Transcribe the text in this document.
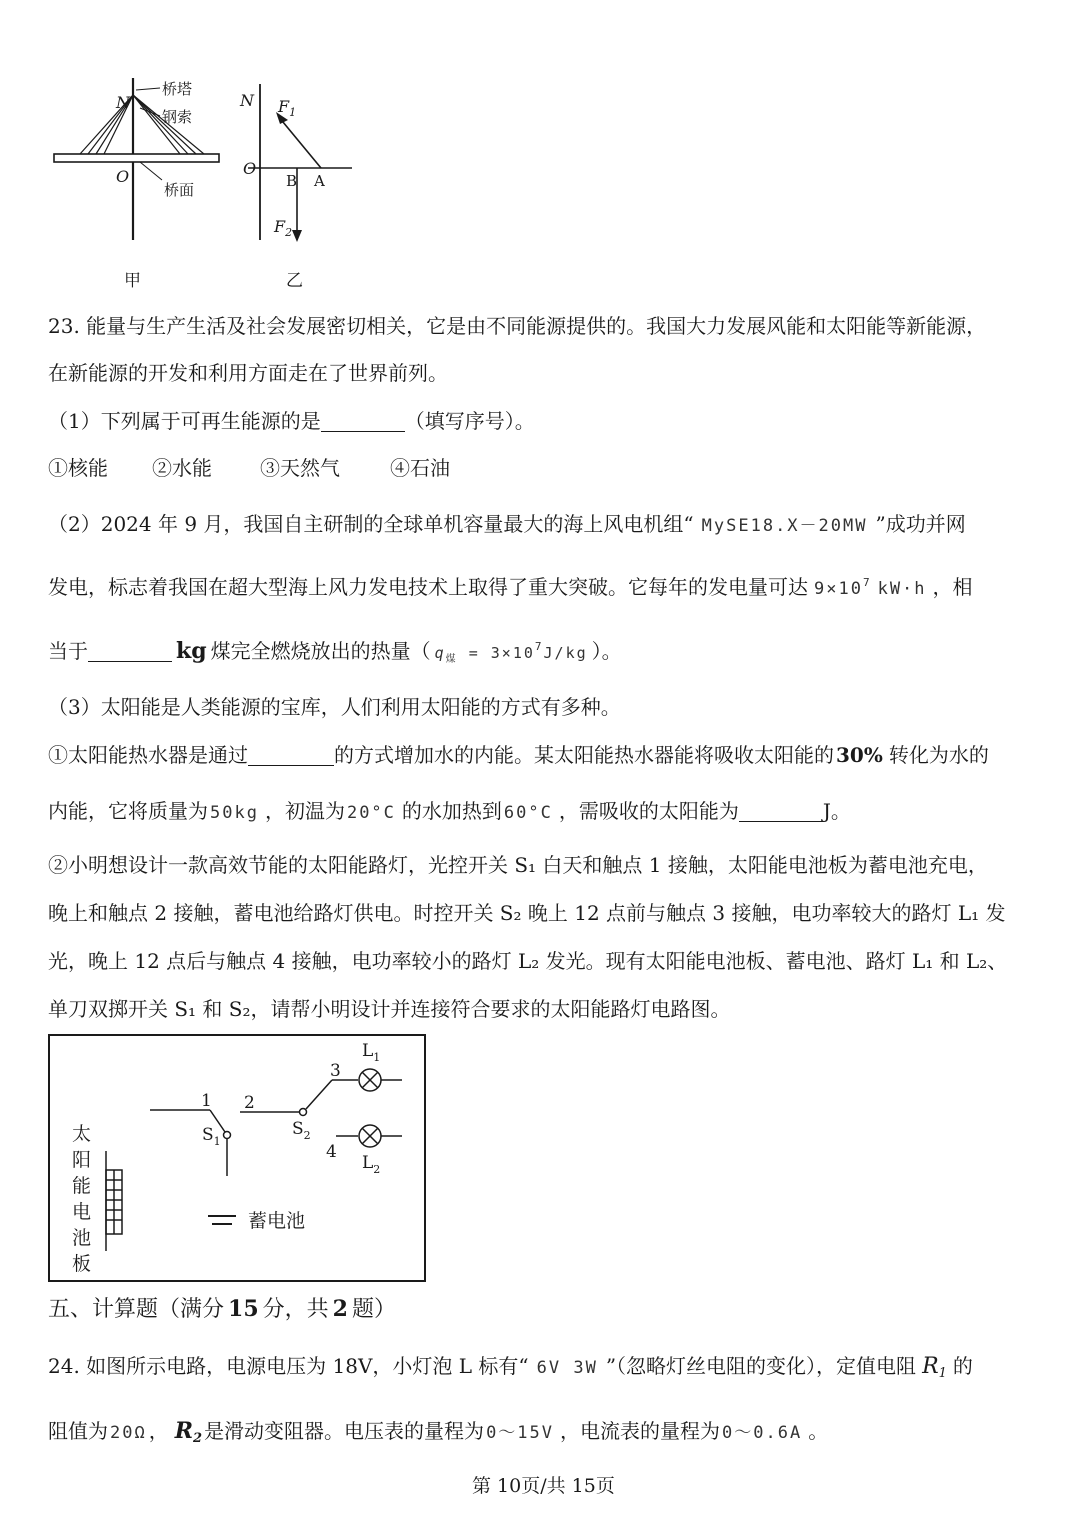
N
O
桥塔
钢索
桥面
甲
N $F_1$
O
B A
$F_2$
乙
23. 能量与生产生活及社会发展密切相关，它是由不同能源提供的。我国大力发展风能和太阳能等新能源，
在新能源的开发和利用方面走在了世界前列。
（1）下列属于可再生能源的是	（填写序号）。
①核能 ②水能 ③天然气	④石油
（2）2024 年 9 月，我国自主研制的全球单机容量最大的海上风电机组“ MySE18.X－20MW ”成功并网
发电，标志着我国在超大型海上风力发电技术上取得了重大突破。它每年的发电量可达 $9\times 10^7$ kW·h ，相
当于	kg 煤完全燃烧放出的热量（ $q_煤 = 3\times 10^7J/kg$ ）。
（3）太阳能是人类能源的宝库，人们利用太阳能的方式有多种。
①太阳能热水器是通过	的方式增加水的内能。某太阳能热水器能将吸收太阳能的 30% 转化为水的
内能，它将质量为 50kg ，初温为 20°C 的水加热到 60°C ，需吸收的太阳能为	J。
②小明想设计一款高效节能的太阳能路灯，光控开关 S₁ 白天和触点 1 接触，太阳能电池板为蓄电池充电，
晚上和触点 2 接触，蓄电池给路灯供电。时控开关 S₂ 晚上 12 点前与触点 3 接触，电功率较大的路灯 L₁ 发
光，晚上 12 点后与触点 4 接触，电功率较小的路灯 L₂ 发光。现有太阳能电池板、蓄电池、路灯 L₁ 和 L₂、
单刀双掷开关 S₁ 和 S₂，请帮小明设计并连接符合要求的太阳能路灯电路图。
1 2
3
4
$S_1$
$S_2$
$L_1$
$L_2$
蓄电池
太
阳
能
电
池
板
五、计算题（满分 15 分，共 2 题）
24. 如图所示电路，电源电压为 18V，小灯泡 L 标有“ 6V 3W ”（忽略灯丝电阻的变化），定值电阻 $R_1$ 的
阻值为 20Ω ， $R_2$ 是滑动变阻器。电压表的量程为 0～15V ，电流表的量程为 0～0.6A 。
第 10页/共 15页
